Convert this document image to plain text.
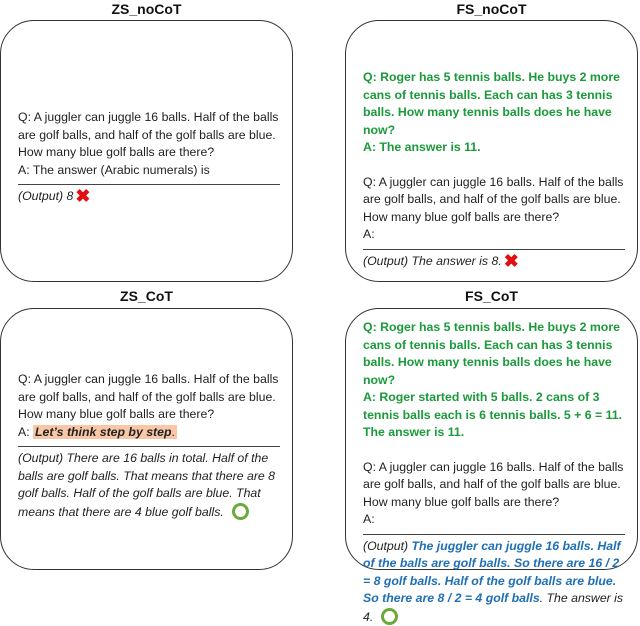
ZS_noCoT
Q: A juggler can juggle 16 balls. Half of the balls are golf balls, and half of the golf balls are blue. How many blue golf balls are there?
A: The answer (Arabic numerals) is
(Output) 8 ✖
FS_noCoT
Q: Roger has 5 tennis balls. He buys 2 more cans of tennis balls. Each can has 3 tennis balls. How many tennis balls does he have now?
A: The answer is 11.
Q: A juggler can juggle 16 balls. Half of the balls are golf balls, and half of the golf balls are blue. How many blue golf balls are there?
A:
(Output) The answer is 8. ✖
ZS_CoT
Q: A juggler can juggle 16 balls. Half of the balls are golf balls, and half of the golf balls are blue. How many blue golf balls are there?
A: Let’s think step by step.
(Output) There are 16 balls in total. Half of the balls are golf balls. That means that there are 8 golf balls. Half of the golf balls are blue. That means that there are 4 blue golf balls.
FS_CoT
Q: Roger has 5 tennis balls. He buys 2 more cans of tennis balls. Each can has 3 tennis balls. How many tennis balls does he have now?
A: Roger started with 5 balls. 2 cans of 3 tennis balls each is 6 tennis balls. 5 + 6 = 11. The answer is 11.
Q: A juggler can juggle 16 balls. Half of the balls are golf balls, and half of the golf balls are blue. How many blue golf balls are there?
A:
(Output) The juggler can juggle 16 balls. Half of the balls are golf balls. So there are 16 / 2 = 8 golf balls. Half of the golf balls are blue. So there are 8 / 2 = 4 golf balls. The answer is 4.
